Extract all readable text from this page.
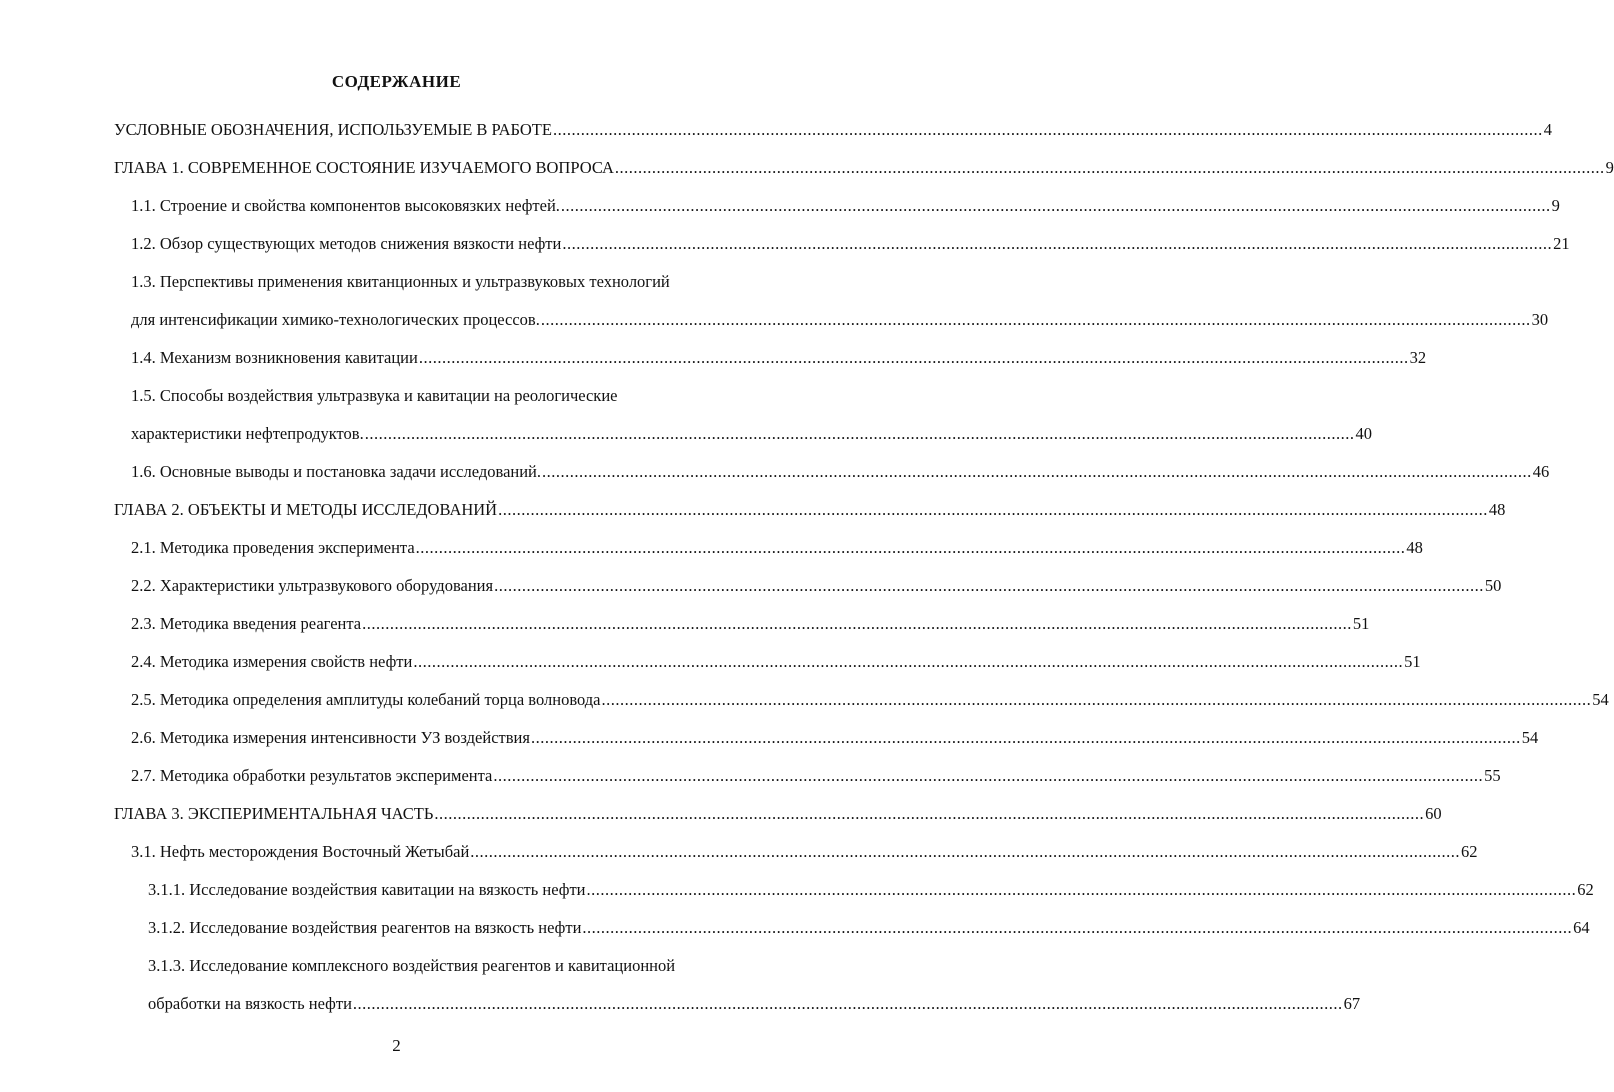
СОДЕРЖАНИЕ
УСЛОВНЫЕ ОБОЗНАЧЕНИЯ, ИСПОЛЬЗУЕМЫЕ В РАБОТЕ .....	4
ГЛАВА 1. СОВРЕМЕННОЕ СОСТОЯНИЕ ИЗУЧАЕМОГО ВОПРОСА .....	9
1.1. Строение и свойства компонентов высоковязких нефтей. .....	9
1.2. Обзор существующих методов снижения вязкости нефти .....	21
1.3. Перспективы применения квитанционных и ультразвуковых технологий
для интенсификации химико-технологических процессов. .....	30
1.4. Механизм возникновения кавитации .....	32
1.5. Способы воздействия ультразвука и кавитации на реологические
характеристики нефтепродуктов. .....	40
1.6. Основные выводы и постановка задачи исследований. .....	46
ГЛАВА 2. ОБЪЕКТЫ И МЕТОДЫ ИССЛЕДОВАНИЙ .....	48
2.1. Методика проведения эксперимента .....	48
2.2. Характеристики ультразвукового оборудования .....	50
2.3. Методика введения реагента .....	51
2.4. Методика измерения свойств нефти .....	51
2.5. Методика определения амплитуды колебаний торца волновода .....	54
2.6. Методика измерения интенсивности УЗ воздействия .....	54
2.7. Методика обработки результатов эксперимента .....	55
ГЛАВА 3. ЭКСПЕРИМЕНТАЛЬНАЯ ЧАСТЬ .....	60
3.1. Нефть месторождения Восточный Жетыбай .....	62
3.1.1. Исследование воздействия кавитации на вязкость нефти .....	62
3.1.2. Исследование воздействия реагентов на вязкость нефти .....	64
3.1.3. Исследование комплексного воздействия реагентов и кавитационной
обработки на вязкость нефти .....	67
2
